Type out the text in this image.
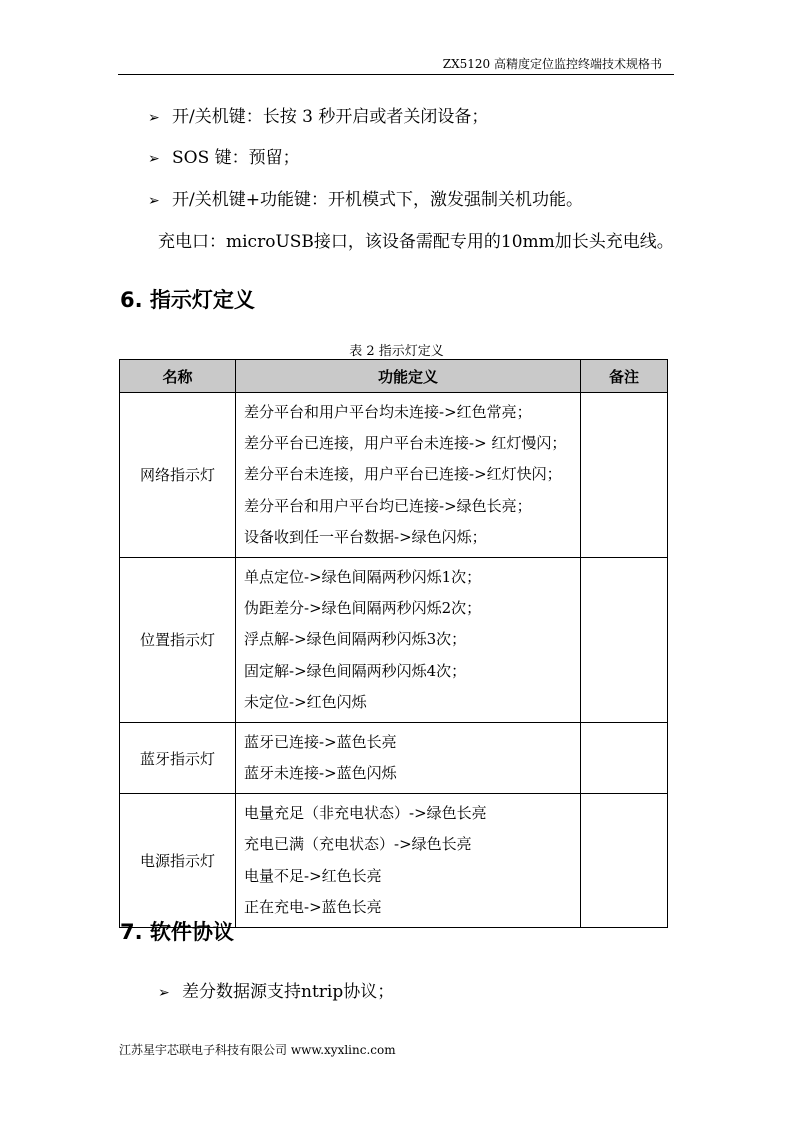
ZX5120 高精度定位监控终端技术规格书
➢ 开/关机键：长按 3 秒开启或者关闭设备；
➢ SOS 键：预留；
➢ 开/关机键+功能键：开机模式下，激发强制关机功能。
充电口：microUSB接口，该设备需配专用的10mm加长头充电线。
6. 指示灯定义
表 2 指示灯定义
名称	功能定义	备注
网络指示灯	差分平台和用户平台均未连接->红色常亮；
差分平台已连接，用户平台未连接-> 红灯慢闪；
差分平台未连接，用户平台已连接->红灯快闪；
差分平台和用户平台均已连接->绿色长亮；
设备收到任一平台数据->绿色闪烁；	

位置指示灯	单点定位->绿色间隔两秒闪烁1次；
伪距差分->绿色间隔两秒闪烁2次；
浮点解->绿色间隔两秒闪烁3次；
固定解->绿色间隔两秒闪烁4次；
未定位->红色闪烁	

蓝牙指示灯	蓝牙已连接->蓝色长亮
蓝牙未连接->蓝色闪烁	

电源指示灯	电量充足（非充电状态）->绿色长亮
充电已满（充电状态）->绿色长亮
电量不足->红色长亮
正在充电->蓝色长亮	

7. 软件协议
➢ 差分数据源支持ntrip协议；
江苏星宇芯联电子科技有限公司 www.xyxlinc.com
